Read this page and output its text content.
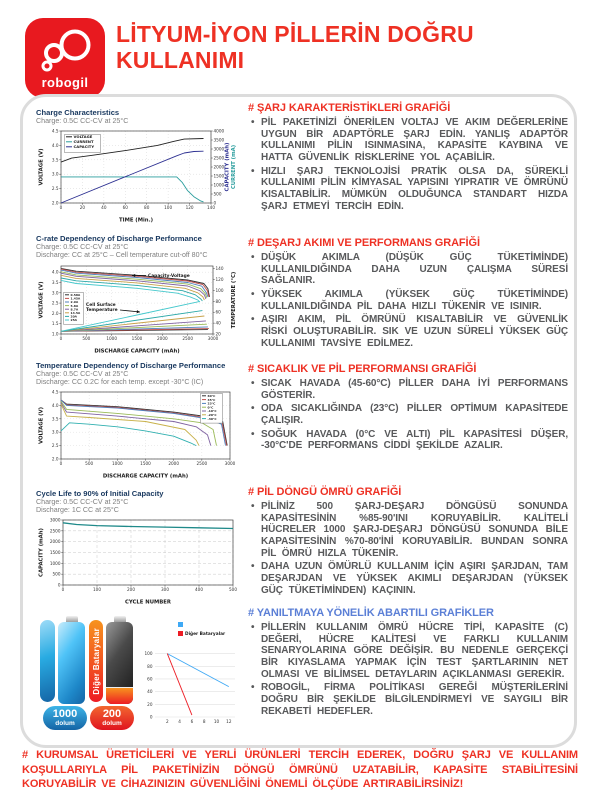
robogil
LİTYUM-İYON PİLLERİN DOĞRU KULLANIMI
Charge Characteristics
Charge: 0.5C CC-CV at 25°C
0	20	40	60	80	100	120	140
2.0
2.5
3.0
3.5
4.0
4.5
0
500
1000
1500
2000
2500
3000
3500
4000
TIME (Min.)
VOLTAGE (V)	CAPACITY (mAh) CURRENT (mA)
VOLTAGE
CURRENT
CAPACITY
C-rate Dependency of Discharge Performance
Charge: 0.5C CC-CV at 25°C
Discharge: CC at 25°C – Cell temperature cut-off 80°C
0	500	1000	1500	2000	2500	3000
1.0
1.5
2.0
2.5
3.0
3.5
4.0
20
40
60
80
100
120
140
DISCHARGE CAPACITY (mAh)
VOLTAGE (V)	TEMPERATURE (°C)
Capacity-Voltage
Cell Surface
Temperature
0.58A
1.45A
2.9A
5.8A
8.7A
14.5A
20A
25A
Temperature Dependency of Discharge Performance
Charge: 0.5C CC-CV at 25°C
Discharge: CC 0.2C for each temp. except -30°C (IC)
0	500	1000	1500	2000	2500	3000
2.0
2.5
3.0
3.5
4.0
4.5
DISCHARGE CAPACITY (mAh)
VOLTAGE (V)
60°C
45°C
23°C
0°C
-10°C
-20°C
-30°C
Cycle Life to 90% of Initial Capacity
Charge: 0.5C CC-CV at 25°C
Discharge: 1C CC at 25°C
0	100	200	300	400	500
0
500
1000
1500
2000
2500
3000
CYCLE NUMBER
CAPACITY (mAh)
Diğer Bataryalar
1000
dolum
200
dolum	2 4 6 8 10 12
0
20
40
60
80
100
Diğer Bataryalar
# ŞARJ KARAKTERİSTİKLERİ GRAFİĞİ
• PİL PAKETİNİZİ ÖNERİLEN VOLTAJ VE AKIM DEĞERLERİNE UYGUN BİR ADAPTÖRLE ŞARJ EDİN. YANLIŞ ADAPTÖR KULLANIMI PİLİN ISINMASINA, KAPASİTE KAYBINA VE HATTA GÜVENLİK RİSKLERİNE YOL AÇABİLİR.
• HIZLI ŞARJ TEKNOLOJİSİ PRATİK OLSA DA, SÜREKLİ KULLANIMI PİLİN KİMYASAL YAPISINI YIPRATIR VE ÖMRÜNÜ KISALTABİLİR. MÜMKÜN OLDUĞUNCA STANDART HIZDA ŞARJ ETMEYİ TERCİH EDİN.
# DEŞARJ AKIMI VE PERFORMANS GRAFİĞİ
• DÜŞÜK AKIMLA (DÜŞÜK GÜÇ TÜKETİMİNDE) KULLANILDIĞINDA DAHA UZUN ÇALIŞMA SÜRESİ SAĞLANIR.
• YÜKSEK AKIMLA (YÜKSEK GÜÇ TÜKETİMİNDE) KULLANILDIĞINDA PİL DAHA HIZLI TÜKENİR VE ISINIR.
• AŞIRI AKIM, PİL ÖMRÜNÜ KISALTABİLİR VE GÜVENLİK RİSKİ OLUŞTURABİLİR. SIK VE UZUN SÜRELİ YÜKSEK GÜÇ KULLANIMI TAVSİYE EDİLMEZ.
# SICAKLIK VE PİL PERFORMANSI GRAFİĞİ
• SICAK HAVADA (45-60°C) PİLLER DAHA İYİ PERFORMANS GÖSTERİR.
• ODA SICAKLIĞINDA (23°C) PİLLER OPTİMUM KAPASİTEDE ÇALIŞIR.
• SOĞUK HAVADA (0°C VE ALTI) PİL KAPASİTESİ DÜŞER, -30°C'DE PERFORMANS CİDDİ ŞEKİLDE AZALIR.
# PİL DÖNGÜ ÖMRÜ GRAFİĞİ
• PİLİNİZ 500 ŞARJ-DEŞARJ DÖNGÜSÜ SONUNDA KAPASİTESİNİN %85-90'INI KORUYABİLİR. KALİTELİ HÜCRELER 1000 ŞARJ-DEŞARJ DÖNGÜSÜ SONUNDA BİLE KAPASİTESİNİN %70-80'İNİ KORUYABİLİR. BUNDAN SONRA PİL ÖMRÜ HIZLA TÜKENİR.
• DAHA UZUN ÖMÜRLÜ KULLANIM İÇİN AŞIRI ŞARJDAN, TAM DEŞARJDAN VE YÜKSEK AKIMLI DEŞARJDAN (YÜKSEK GÜÇ TÜKETİMİNDEN) KAÇININ.
# YANILTMAYA YÖNELİK ABARTILI GRAFİKLER
• PİLLERİN KULLANIM ÖMRÜ HÜCRE TİPİ, KAPASİTE (C) DEĞERİ, HÜCRE KALİTESİ VE FARKLI KULLANIM SENARYOLARINA GÖRE DEĞİŞİR. BU NEDENLE GERÇEKÇİ BİR KIYASLAMA YAPMAK İÇİN TEST ŞARTLARININ NET OLMASI VE BİLİMSEL DETAYLARIN AÇIKLANMASI GEREKİR.
• ROBOGİL, FİRMA POLİTİKASI GEREĞİ MÜŞTERİLERİNİ DOĞRU BİR ŞEKİLDE BİLGİLENDİRMEYİ VE SAYGILI BİR REKABETİ HEDEFLER.
# KURUMSAL ÜRETİCİLERİ VE YERLİ ÜRÜNLERİ TERCİH EDEREK, DOĞRU ŞARJ VE KULLANIM KOŞULLARIYLA PİL PAKETİNİZİN DÖNGÜ ÖMRÜNÜ UZATABİLİR, KAPASİTE STABİLİTESİNİ KORUYABİLİR VE CİHAZINIZIN GÜVENLİĞİNİ ÖNEMLİ ÖLÇÜDE ARTIRABİLİRSİNİZ!
